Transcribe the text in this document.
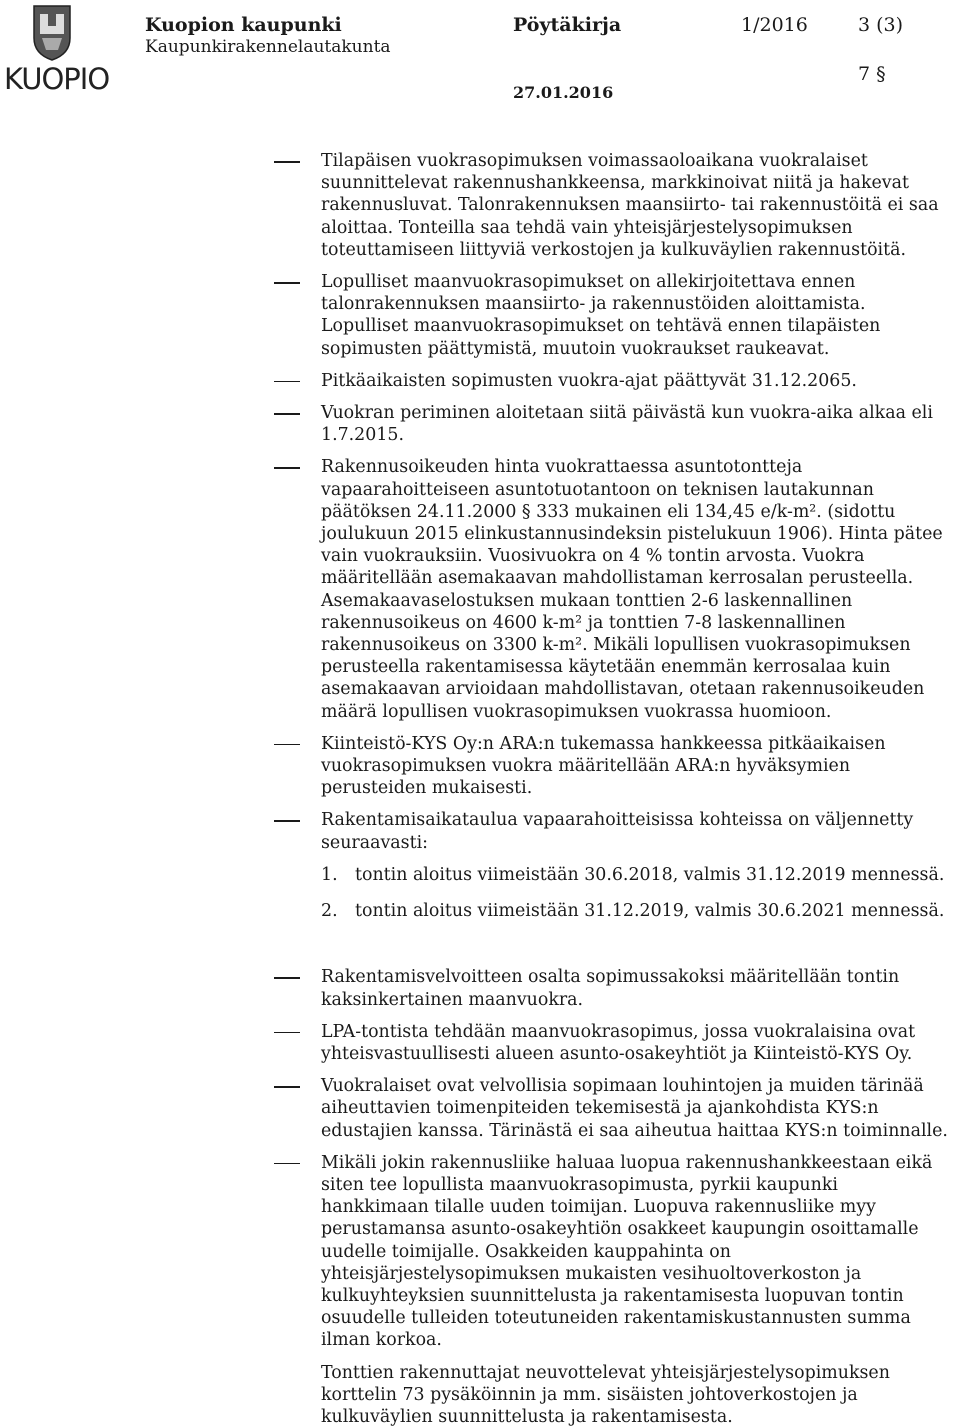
KUOPIO
Kuopion kaupunki
Kaupunkirakennelautakunta
Pöytäkirja	1/2016	3 (3)
7 §
27.01.2016
Tilapäisen vuokrasopimuksen voimassaoloaikana vuokralaiset suunnittelevat rakennushankkeensa, markkinoivat niitä ja hakevat rakennusluvat. Talonrakennuksen maansiirto- tai rakennustöitä ei saa aloittaa. Tonteilla saa tehdä vain yhteisjärjestelysopimuksen toteuttamiseen liittyviä verkostojen ja kulkuväylien rakennustöitä.
Lopulliset maanvuokrasopimukset on allekirjoitettava ennen talonrakennuksen maansiirto- ja rakennustöiden aloittamista. Lopulliset maanvuokrasopimukset on tehtävä ennen tilapäisten sopimusten päättymistä, muutoin vuokraukset raukeavat.
Pitkäaikaisten sopimusten vuokra-ajat päättyvät 31.12.2065.
Vuokran periminen aloitetaan siitä päivästä kun vuokra-aika alkaa eli 1.7.2015.
Rakennusoikeuden hinta vuokrattaessa asuntotontteja vapaarahoitteiseen asuntotuotantoon on teknisen lautakunnan päätöksen 24.11.2000 § 333 mukainen eli 134,45 e/k-m². (sidottu joulukuun 2015 elinkustannusindeksin pistelukuun 1906). Hinta pätee vain vuokrauksiin. Vuosivuokra on 4 % tontin arvosta. Vuokra määritellään asemakaavan mahdollistaman kerrosalan perusteella. Asemakaavaselostuksen mukaan tonttien 2-6 laskennallinen rakennusoikeus on 4600 k-m² ja tonttien 7-8 laskennallinen rakennusoikeus on 3300 k-m². Mikäli lopullisen vuokrasopimuksen perusteella rakentamisessa käytetään enemmän kerrosalaa kuin asemakaavan arvioidaan mahdollistavan, otetaan rakennusoikeuden määrä lopullisen vuokrasopimuksen vuokrassa huomioon.
Kiinteistö-KYS Oy:n ARA:n tukemassa hankkeessa pitkäaikaisen vuokrasopimuksen vuokra määritellään ARA:n hyväksymien perusteiden mukaisesti.
Rakentamisaikataulua vapaarahoitteisissa kohteissa on väljennetty seuraavasti:
1. tontin aloitus viimeistään 30.6.2018, valmis 31.12.2019 mennessä.
2. tontin aloitus viimeistään 31.12.2019, valmis 30.6.2021 mennessä.
Rakentamisvelvoitteen osalta sopimussakoksi määritellään tontin kaksinkertainen maanvuokra.
LPA-tontista tehdään maanvuokrasopimus, jossa vuokralaisina ovat yhteisvastuullisesti alueen asunto-osakeyhtiöt ja Kiinteistö-KYS Oy.
Vuokralaiset ovat velvollisia sopimaan louhintojen ja muiden tärinää aiheuttavien toimenpiteiden tekemisestä ja ajankohdista KYS:n edustajien kanssa. Tärinästä ei saa aiheutua haittaa KYS:n toiminnalle.
Mikäli jokin rakennusliike haluaa luopua rakennushankkeestaan eikä siten tee lopullista maanvuokrasopimusta, pyrkii kaupunki hankkimaan tilalle uuden toimijan. Luopuva rakennusliike myy perustamansa asunto-osakeyhtiön osakkeet kaupungin osoittamalle uudelle toimijalle. Osakkeiden kauppahinta on yhteisjärjestelysopimuksen mukaisten vesihuoltoverkoston ja kulkuyhteyksien suunnittelusta ja rakentamisesta luopuvan tontin osuudelle tulleiden toteutuneiden rakentamiskustannusten summa ilman korkoa.
Tonttien rakennuttajat neuvottelevat yhteisjärjestelysopimuksen korttelin 73 pysäköinnin ja mm. sisäisten johtoverkostojen ja kulkuväylien suunnittelusta ja rakentamisesta.
